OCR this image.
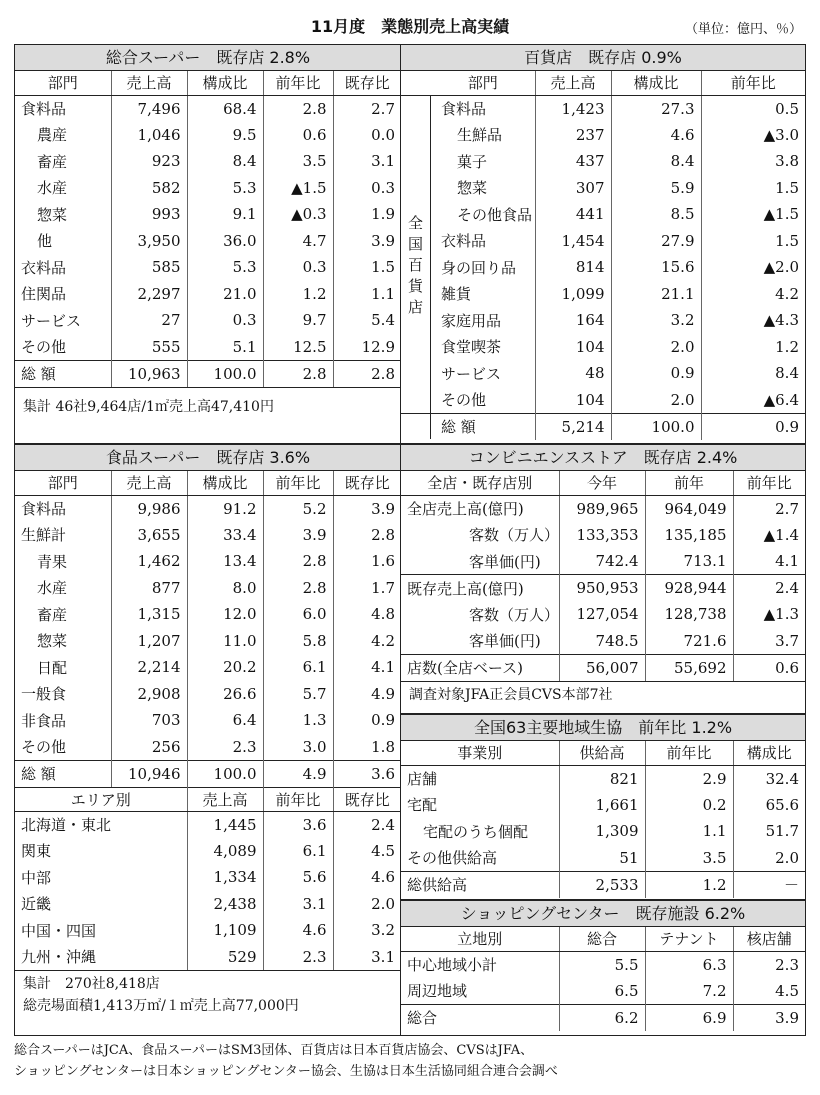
11月度　業態別売上高実績	（単位：億円、％）
総合スーパー　既存店 2.8%
部門	売上高	構成比	前年比	既存比
食料品	7,496	68.4	2.8	2.7
農産	1,046	9.5	0.6	0.0
畜産	923	8.4	3.5	3.1
水産	582	5.3	▲1.5	0.3
惣菜	993	9.1	▲0.3	1.9
他	3,950	36.0	4.7	3.9
衣料品	585	5.3	0.3	1.5
住関品	2,297	21.0	1.2	1.1
サービス	27	0.3	9.7	5.4
その他	555	5.1	12.5	12.9
総 額	10,963	100.0	2.8	2.8
集計 46社9,464店/1㎡売上高47,410円
百貨店　既存店 0.9%
全国百貨店
部門	売上高	構成比	前年比
食料品	1,423	27.3	0.5
生鮮品	237	4.6	▲3.0
菓子	437	8.4	3.8
惣菜	307	5.9	1.5
その他食品	441	8.5	▲1.5
衣料品	1,454	27.9	1.5
身の回り品	814	15.6	▲2.0
雑貨	1,099	21.1	4.2
家庭用品	164	3.2	▲4.3
食堂喫茶	104	2.0	1.2
サービス	48	0.9	8.4
その他	104	2.0	▲6.4
総 額	5,214	100.0	0.9
食品スーパー　既存店 3.6%
部門	売上高	構成比	前年比	既存比
食料品	9,986	91.2	5.2	3.9
生鮮計	3,655	33.4	3.9	2.8
青果	1,462	13.4	2.8	1.6
水産	877	8.0	2.8	1.7
畜産	1,315	12.0	6.0	4.8
惣菜	1,207	11.0	5.8	4.2
日配	2,214	20.2	6.1	4.1
一般食	2,908	26.6	5.7	4.9
非食品	703	6.4	1.3	0.9
その他	256	2.3	3.0	1.8
総 額	10,946	100.0	4.9	3.6
エリア別	売上高	前年比	既存比
北海道・東北	1,445	3.6	2.4
関東	4,089	6.1	4.5
中部	1,334	5.6	4.6
近畿	2,438	3.1	2.0
中国・四国	1,109	4.6	3.2
九州・沖縄	529	2.3	3.1
集計　270社8,418店
総売場面積1,413万㎡/１㎡売上高77,000円
コンビニエンスストア　既存店 2.4%
全店・既存店別	今年	前年	前年比
全店売上高(億円)	989,965	964,049	2.7
客数（万人）	133,353	135,185	▲1.4
客単価(円)	742.4	713.1	4.1
既存売上高(億円)	950,953	928,944	2.4
客数（万人）	127,054	128,738	▲1.3
客単価(円)	748.5	721.6	3.7
店数(全店ベース)	56,007	55,692	0.6
調査対象JFA正会員CVS本部7社
全国63主要地域生協　前年比 1.2%
事業別	供給高	前年比	構成比
店舗	821	2.9	32.4
宅配	1,661	0.2	65.6
宅配のうち個配	1,309	1.1	51.7
その他供給高	51	3.5	2.0
総供給高	2,533	1.2	－
ショッピングセンター　既存施設 6.2%
立地別	総合	テナント	核店舗
中心地域小計	5.5	6.3	2.3
周辺地域	6.5	7.2	4.5
総合	6.2	6.9	3.9
総合スーパーはJCA、食品スーパーはSM3団体、百貨店は日本百貨店協会、CVSはJFA、
ショッピングセンターは日本ショッピングセンター協会、生協は日本生活協同組合連合会調べ
